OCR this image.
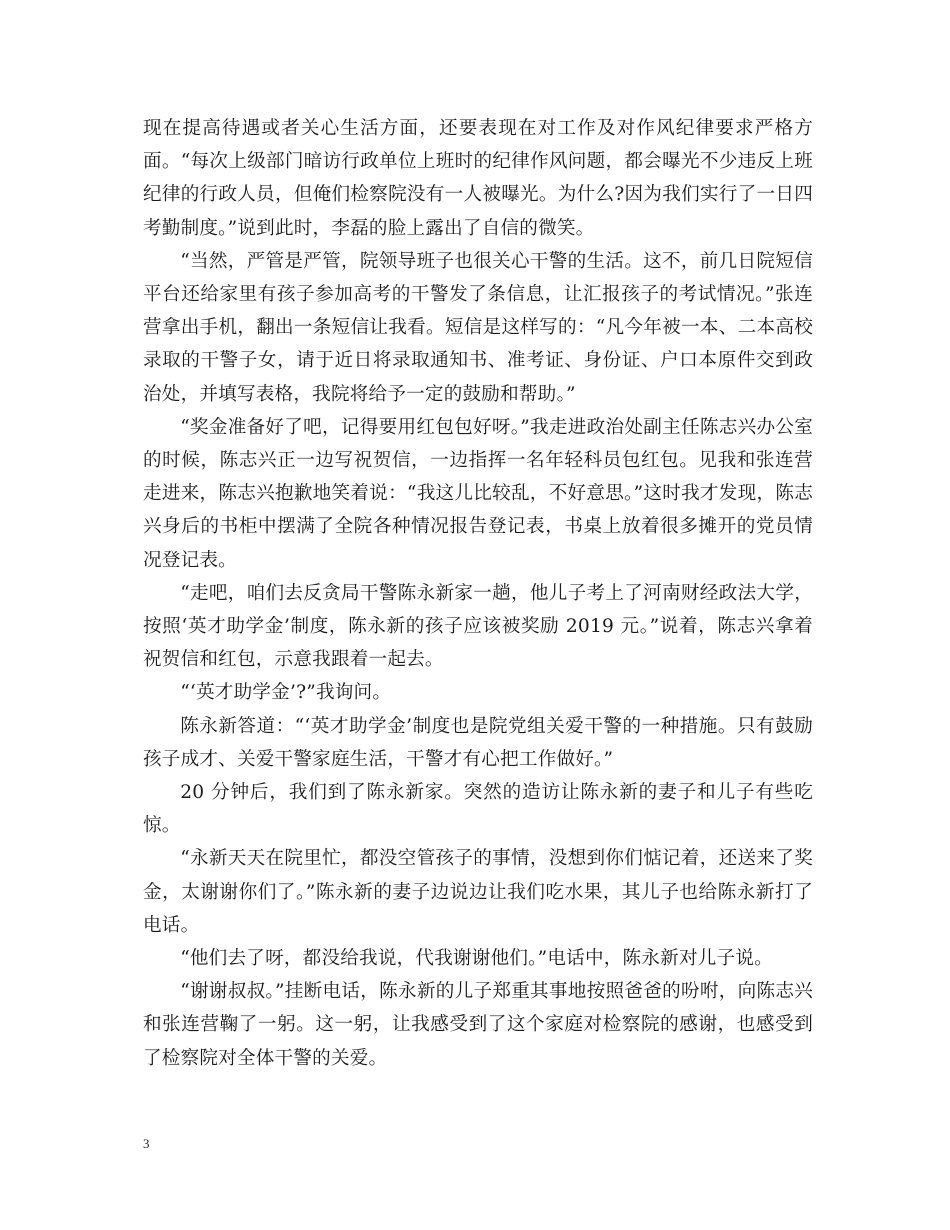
现在提高待遇或者关心生活方面，还要表现在对工作及对作风纪律要求严格方面。“每次上级部门暗访行政单位上班时的纪律作风问题，都会曝光不少违反上班纪律的行政人员，但俺们检察院没有一人被曝光。为什么?因为我们实行了一日四考勤制度。”说到此时，李磊的脸上露出了自信的微笑。

“当然，严管是严管，院领导班子也很关心干警的生活。这不，前几日院短信平台还给家里有孩子参加高考的干警发了条信息，让汇报孩子的考试情况。”张连营拿出手机，翻出一条短信让我看。短信是这样写的：“凡今年被一本、二本高校录取的干警子女，请于近日将录取通知书、准考证、身份证、户口本原件交到政治处，并填写表格，我院将给予一定的鼓励和帮助。”

“奖金准备好了吧，记得要用红包包好呀。”我走进政治处副主任陈志兴办公室的时候，陈志兴正一边写祝贺信，一边指挥一名年轻科员包红包。见我和张连营走进来，陈志兴抱歉地笑着说：“我这儿比较乱，不好意思。”这时我才发现，陈志兴身后的书柜中摆满了全院各种情况报告登记表，书桌上放着很多摊开的党员情况登记表。

“走吧，咱们去反贪局干警陈永新家一趟，他儿子考上了河南财经政法大学，按照‘英才助学金’制度，陈永新的孩子应该被奖励 2019 元。”说着，陈志兴拿着祝贺信和红包，示意我跟着一起去。

“‘英才助学金’?”我询问。

陈永新答道：“‘英才助学金’制度也是院党组关爱干警的一种措施。只有鼓励孩子成才、关爱干警家庭生活，干警才有心把工作做好。”

20 分钟后，我们到了陈永新家。突然的造访让陈永新的妻子和儿子有些吃惊。

“永新天天在院里忙，都没空管孩子的事情，没想到你们惦记着，还送来了奖金，太谢谢你们了。”陈永新的妻子边说边让我们吃水果，其儿子也给陈永新打了电话。

“他们去了呀，都没给我说，代我谢谢他们。”电话中，陈永新对儿子说。

“谢谢叔叔。”挂断电话，陈永新的儿子郑重其事地按照爸爸的吩咐，向陈志兴和张连营鞠了一躬。这一躬，让我感受到了这个家庭对检察院的感谢，也感受到了检察院对全体干警的关爱。

3
